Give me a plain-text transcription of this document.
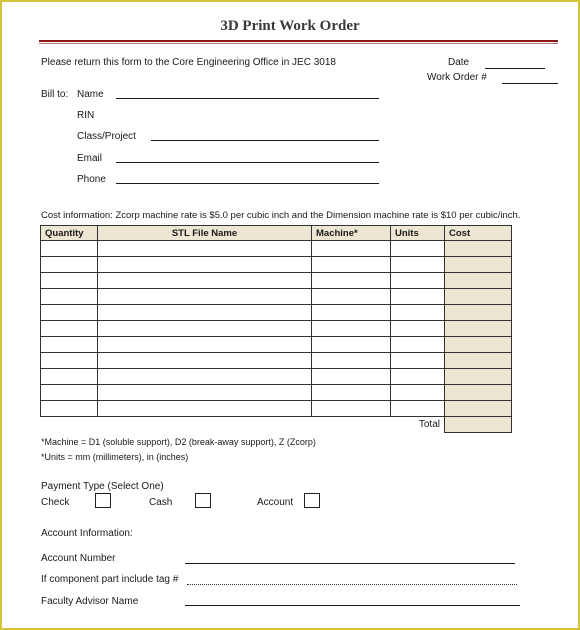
3D Print Work Order
Please return this form to the Core Engineering Office in JEC 3018	Date
Work Order #
Bill to: Name
RIN
Class/Project
Email
Phone
Cost information: Zcorp machine rate is $5.0 per cubic inch and the Dimension machine rate is $10 per cubic/inch.
Quantity	STL File Name	Machine*	Units	Cost

			Total	
*Machine = D1 (soluble support), D2 (break-away support), Z (Zcorp)
*Units = mm (millimeters), in (inches)
Payment Type (Select One)
Check	Cash	Account
Account Information:
Account Number
If component part include tag #
Faculty Advisor Name
